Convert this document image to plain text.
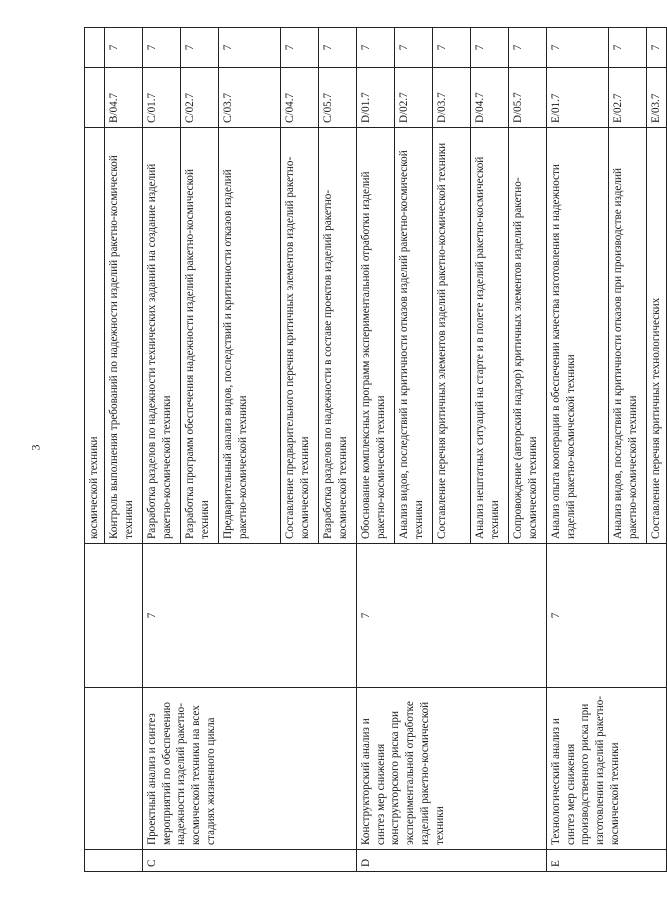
3
				космической техники		
			Контроль выполнения требований по надежности изделий ракетно-космической техники	B/04.7	7
C	Проектный анализ и синтез мероприятий по обеспечению надежности изделий ракетно-космической техники на всех стадиях жизненного цикла	7	Разработка разделов по надежности технических заданий на создание изделий ракетно-космической техники	C/01.7	7
			Разработка программ обеспечения надежности изделий ракетно-космической техники	C/02.7	7
			Предварительный анализ видов, последствий и критичности отказов изделий ракетно-космической техники	C/03.7	7
			Составление предварительного перечня критичных элементов изделий ракетно-космической техники	C/04.7	7
			Разработка разделов по надежности в составе проектов изделий ракетно-космической техники	C/05.7	7
D	Конструкторский анализ и синтез мер снижения конструкторского риска при экспериментальной отработке изделий ракетно-космической техники	7	Обоснование комплексных программ экспериментальной отработки изделий ракетно-космической техники	D/01.7	7
			Анализ видов, последствий и критичности отказов изделий ракетно-космической техники	D/02.7	7
			Составление перечня критичных элементов изделий ракетно-космической техники	D/03.7	7
			Анализ нештатных ситуаций на старте и в полете изделий ракетно-космической техники	D/04.7	7
			Сопровождение (авторский надзор) критичных элементов изделий ракетно-космической техники	D/05.7	7
E	Технологический анализ и синтез мер снижения производственного риска при изготовлении изделий ракетно-космической техники	7	Анализ опыта кооперации в обеспечении качества изготовления и надежности изделий ракетно-космической техники	E/01.7	7
			Анализ видов, последствий и критичности отказов при производстве изделий ракетно-космической техники	E/02.7	7
			Составление перечня критичных технологических	E/03.7	7
